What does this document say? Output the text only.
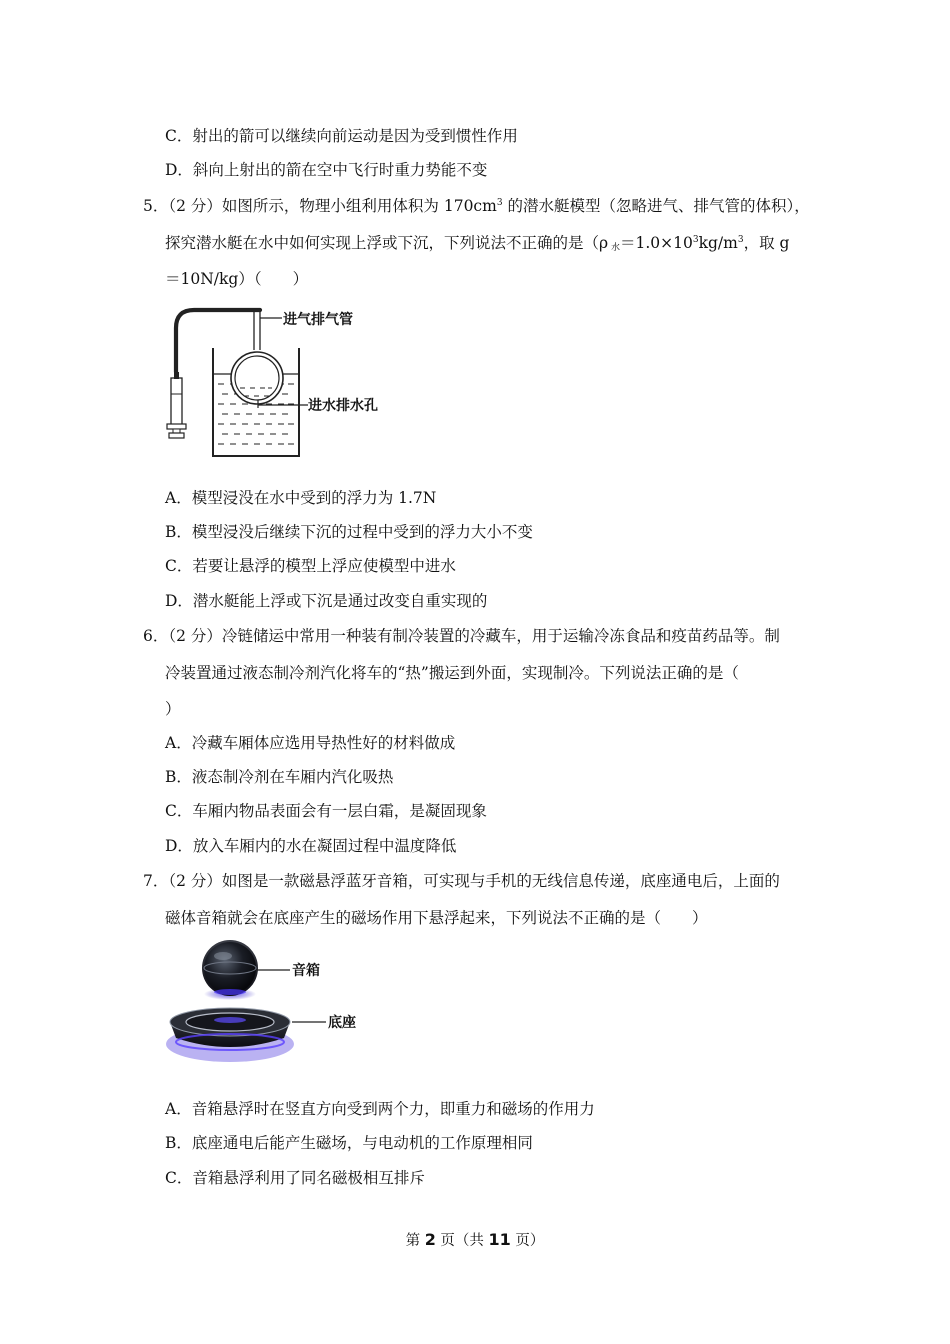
C．射出的箭可以继续向前运动是因为受到惯性作用
D．斜向上射出的箭在空中飞行时重力势能不变
5．（2 分）如图所示，物理小组利用体积为 $170cm^3$ 的潜水艇模型（忽略进气、排气管的体积），
探究潜水艇在水中如何实现上浮或下沉，下列说法不正确的是（ρ $_水=1.0\times 10^3kg/m^3$，取 g
＝10N/kg）（　　）
进气排气管
进水排水孔
A．模型浸没在水中受到的浮力为 1.7N
B．模型浸没后继续下沉的过程中受到的浮力大小不变
C．若要让悬浮的模型上浮应使模型中进水
D．潜水艇能上浮或下沉是通过改变自重实现的
6．（2 分）冷链储运中常用一种装有制冷装置的冷藏车，用于运输冷冻食品和疫苗药品等。制
冷装置通过液态制冷剂汽化将车的“热”搬运到外面，实现制冷。下列说法正确的是（
）
A．冷藏车厢体应选用导热性好的材料做成
B．液态制冷剂在车厢内汽化吸热
C．车厢内物品表面会有一层白霜，是凝固现象
D．放入车厢内的水在凝固过程中温度降低
7．（2 分）如图是一款磁悬浮蓝牙音箱，可实现与手机的无线信息传递，底座通电后，上面的
磁体音箱就会在底座产生的磁场作用下悬浮起来，下列说法不正确的是（　　）
音箱
底座
A．音箱悬浮时在竖直方向受到两个力，即重力和磁场的作用力
B．底座通电后能产生磁场，与电动机的工作原理相同
C．音箱悬浮利用了同名磁极相互排斥
第 2 页（共 11 页）
